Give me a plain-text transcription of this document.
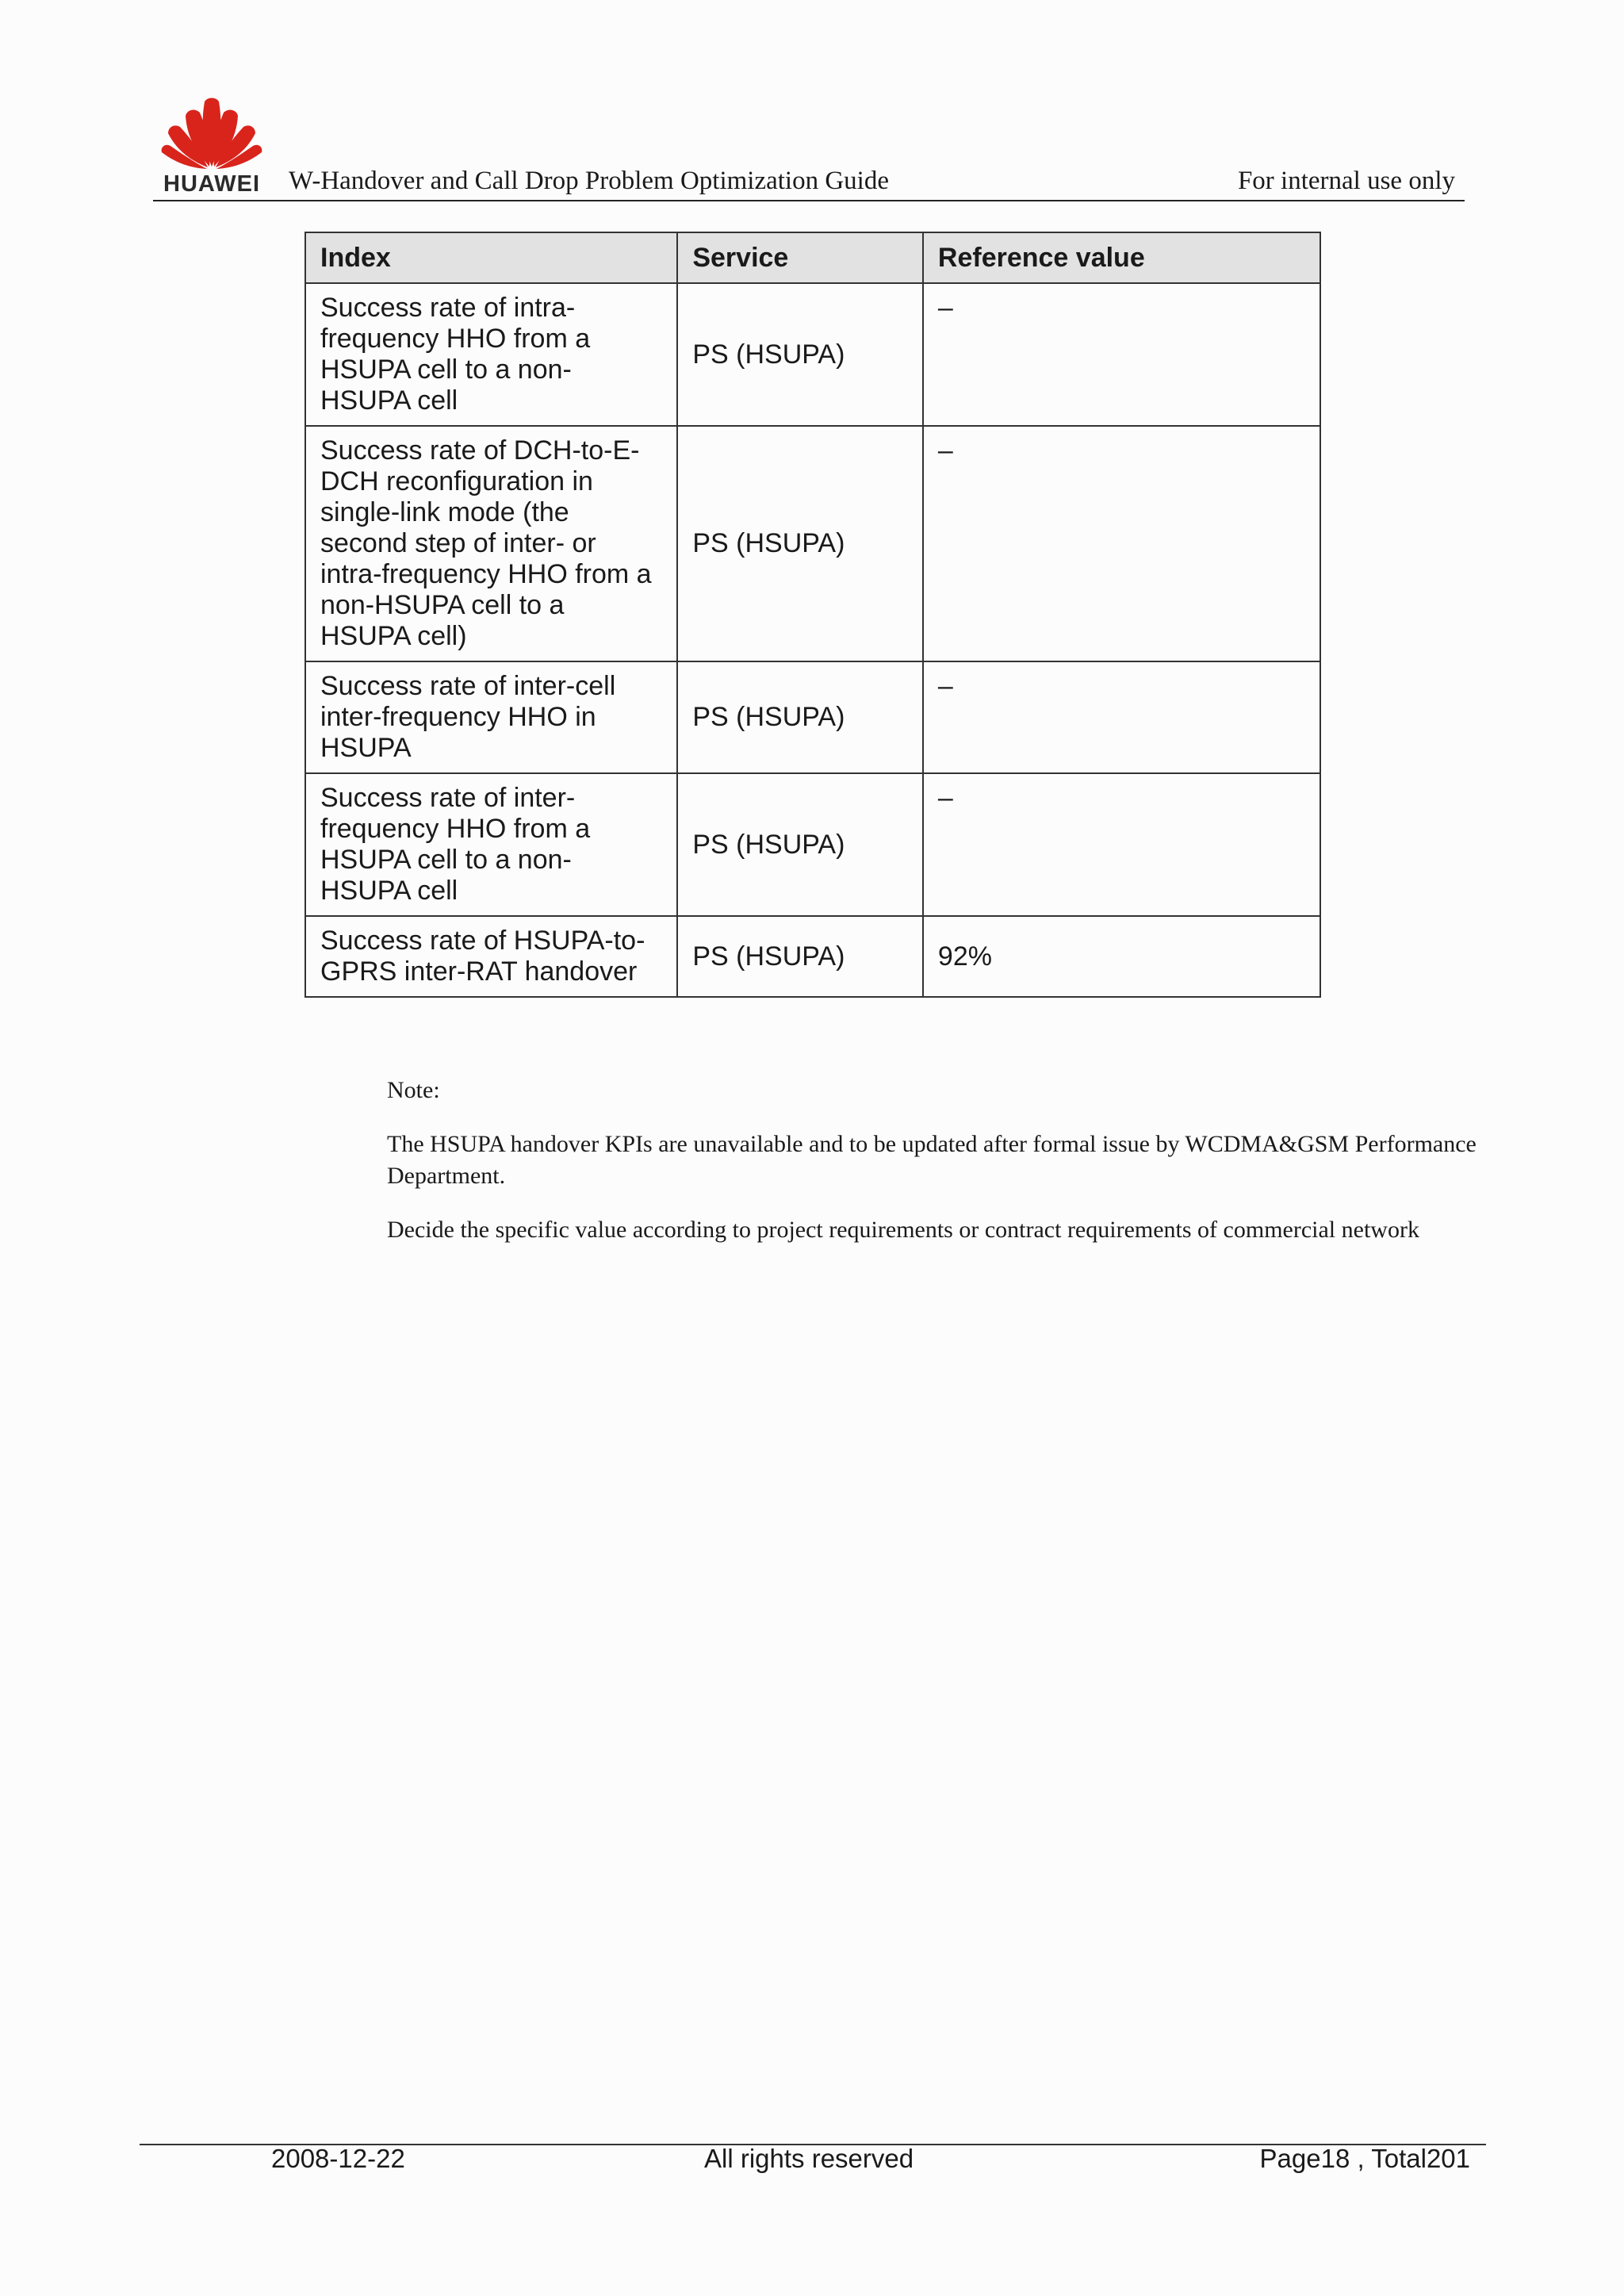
HUAWEI W-Handover and Call Drop Problem Optimization Guide	For internal use only
Index	Service	Reference value
Success rate of intra-frequency HHO from a HSUPA cell to a non-HSUPA cell	PS (HSUPA)	–
Success rate of DCH-to-E-DCH reconfiguration in single-link mode (the second step of inter- or intra-frequency HHO from a non-HSUPA cell to a HSUPA cell)	PS (HSUPA)	–
Success rate of inter-cell inter-frequency HHO in HSUPA	PS (HSUPA)	–
Success rate of inter-frequency HHO from a HSUPA cell to a non-HSUPA cell	PS (HSUPA)	–
Success rate of HSUPA-to-GPRS inter-RAT handover	PS (HSUPA)	92%

Note:

The HSUPA handover KPIs are unavailable and to be updated after formal issue by WCDMA&GSM Performance Department.

Decide the specific value according to project requirements or contract requirements of commercial network

2008-12-22	All rights reserved	Page18 , Total201
